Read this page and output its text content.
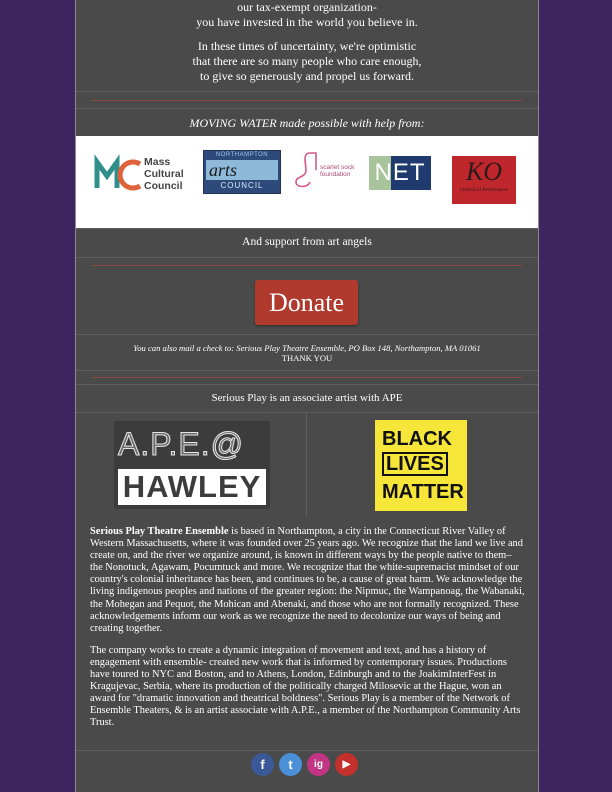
our tax-exempt organization-

you have invested in the world you believe in.

In these times of uncertainty, we're optimistic

that there are so many people who care enough,

to give so generously and propel us forward.

MOVING WATER made possible with help from:
Mass
Cultural
Council
NORTHAMPTON
arts
COUNCIL
scarlet sock
foundation NET	KO
Festival of Performance
And support from art angels
Donate
You can also mail a check to: Serious Play Theatre Ensemble, PO Box 148, Northampton, MA 01061
THANK YOU
Serious Play is an associate artist with APE
A.P.E.@
HAWLEY
BLACK
LIVES
MATTER

Serious Play Theatre Ensemble is based in Northampton, a city in the Connecticut River Valley of Western Massachusetts, where it was founded over 25 years ago. We recognize that the land we live and create on, and the river we organize around, is known in different ways by the people native to them– the Nonotuck, Agawam, Pocumtuck and more. We recognize that the white-supremacist mindset of our country's colonial inheritance has been, and continues to be, a cause of great harm. We acknowledge the living indigenous peoples and nations of the greater region: the Nipmuc, the Wampanoag, the Wabanaki, the Mohegan and Pequot, the Mohican and Abenaki, and those who are not formally recognized. These acknowledgements inform our work as we recognize the need to decolonize our ways of being and creating together.

The company works to create a dynamic integration of movement and text, and has a history of engagement with ensemble- created new work that is informed by contemporary issues. Productions have toured to NYC and Boston, and to Athens, London, Edinburgh and to the JoakimInterFest in Kragujevac, Serbia, where its production of the politically charged Milosevic at the Hague, won an award for "dramatic innovation and theatrical boldness". Serious Play is a member of the Network of Ensemble Theaters, & is an artist associate with A.P.E., a member of the Northampton Community Arts Trust.

f	t	ig	▶
